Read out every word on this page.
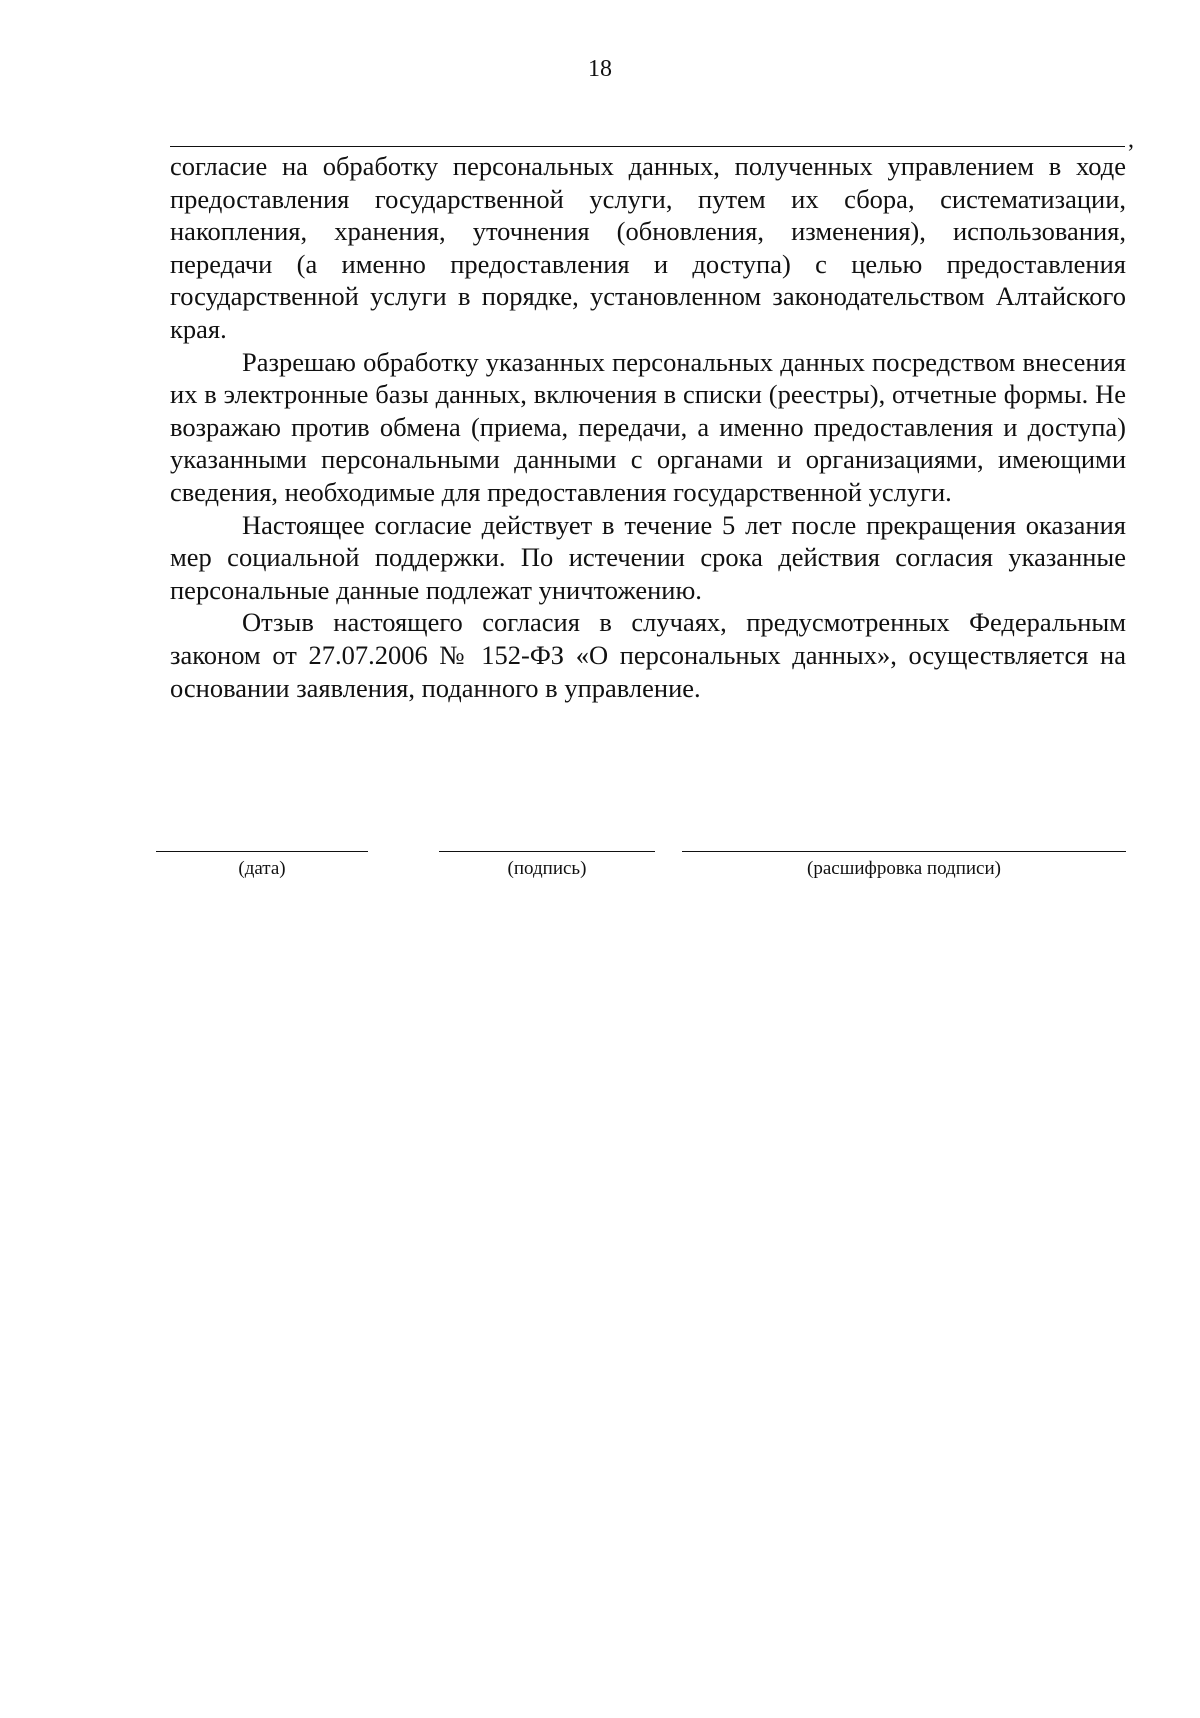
18
,

согласие на обработку персональных данных, полученных управлением в ходе предоставления государственной услуги, путем их сбора, систематизации, накопления, хранения, уточнения (обновления, изменения), использования, передачи (а именно предоставления и доступа) с целью предоставления государственной услуги в порядке, установленном законодательством Алтайского края.

Разрешаю обработку указанных персональных данных посредством внесения их в электронные базы данных, включения в списки (реестры), отчетные формы. Не возражаю против обмена (приема, передачи, а именно предоставления и доступа) указанными персональными данными с органами и организациями, имеющими сведения, необходимые для предоставления государственной услуги.

Настоящее согласие действует в течение 5 лет после прекращения оказания мер социальной поддержки. По истечении срока действия согласия указанные персональные данные подлежат уничтожению.

Отзыв настоящего согласия в случаях, предусмотренных Федеральным законом от 27.07.2006 № 152-ФЗ «О персональных данных», осуществляется на основании заявления, поданного в управление.

(дата)	(подпись)	(расшифровка подписи)
